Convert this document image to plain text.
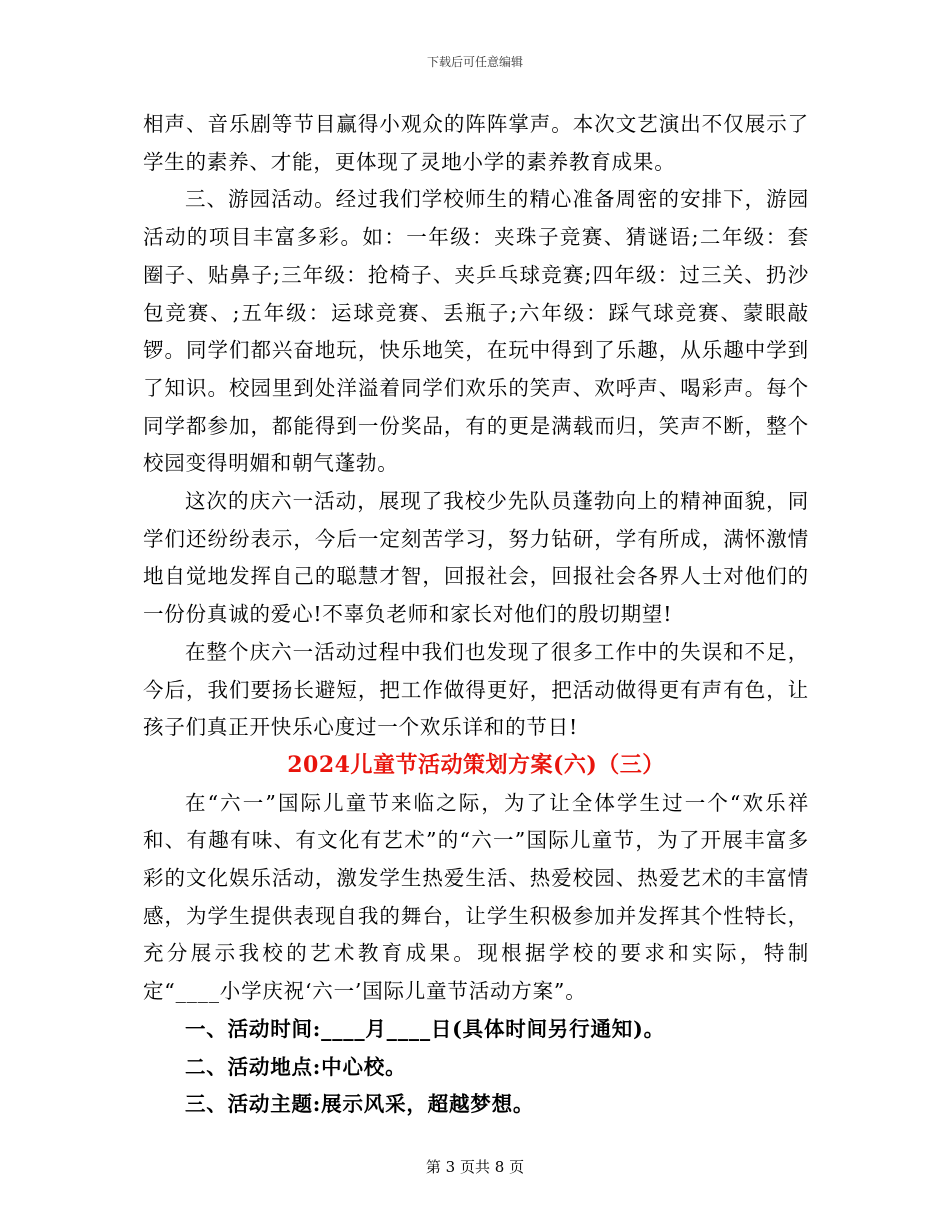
下载后可任意编辑

相声、音乐剧等节目赢得小观众的阵阵掌声。本次文艺演出不仅展示了学生的素养、才能，更体现了灵地小学的素养教育成果。

三、游园活动。经过我们学校师生的精心准备周密的安排下，游园活动的项目丰富多彩。如：一年级：夹珠子竞赛、猜谜语;二年级：套圈子、贴鼻子;三年级：抢椅子、夹乒乓球竞赛;四年级：过三关、扔沙包竞赛、;五年级：运球竞赛、丢瓶子;六年级：踩气球竞赛、蒙眼敲锣。同学们都兴奋地玩，快乐地笑，在玩中得到了乐趣，从乐趣中学到了知识。校园里到处洋溢着同学们欢乐的笑声、欢呼声、喝彩声。每个同学都参加，都能得到一份奖品，有的更是满载而归，笑声不断，整个校园变得明媚和朝气蓬勃。

这次的庆六一活动，展现了我校少先队员蓬勃向上的精神面貌，同学们还纷纷表示，今后一定刻苦学习，努力钻研，学有所成，满怀激情地自觉地发挥自己的聪慧才智，回报社会，回报社会各界人士对他们的一份份真诚的爱心!不辜负老师和家长对他们的殷切期望!

在整个庆六一活动过程中我们也发现了很多工作中的失误和不足，今后，我们要扬长避短，把工作做得更好，把活动做得更有声有色，让孩子们真正开快乐心度过一个欢乐详和的节日!

2024儿童节活动策划方案(六)（三）

在“六一”国际儿童节来临之际，为了让全体学生过一个“欢乐祥和、有趣有味、有文化有艺术”的“六一”国际儿童节，为了开展丰富多彩的文化娱乐活动，激发学生热爱生活、热爱校园、热爱艺术的丰富情感，为学生提供表现自我的舞台，让学生积极参加并发挥其个性特长，充分展示我校的艺术教育成果。现根据学校的要求和实际，特制定“____小学庆祝‘六一’国际儿童节活动方案”。

一、活动时间:____月____日(具体时间另行通知)。

二、活动地点:中心校。

三、活动主题:展示风采，超越梦想。

第 3 页共 8 页
